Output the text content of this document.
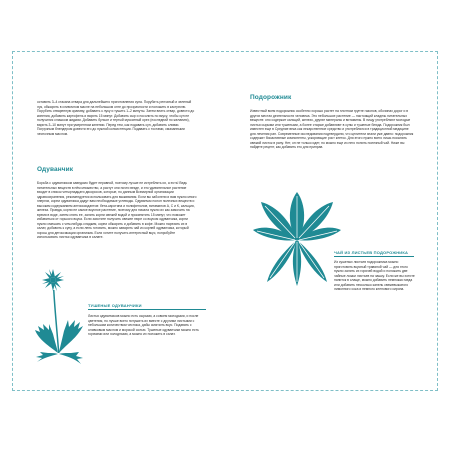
оставить 3–4 стакана отвара для дальнейшего приготовления супа. Порубить репчатый и зеленый лук, обжарить в сливочном масле на небольшом огне до прозрачности и положить в кастрюлю. Порубить отваренную крапиву, добавить к луку и тушить 1–2 минуты. Затем влить отвар, довести до кипения, добавить картофель и варить 15 минут. Добавить сыр и посолить по вкусу, чтобы суп не получился слишком жидким. Добавить бульон и тертый мускатный орех (последний по желанию), варить 3–10 минут при умеренном кипении. Перед тем, как подавать суп, добавить сливки. Погрузным блендером довести его до нужной консистенции. Подавать с тостами, смазанными чесночным маслом.

Одуванчик

Борьба с одуванчиком заведомо будет неравной, поэтому лучше не истреблять их, а есть! Ведь питательных веществ в нём множество, а растут они почти везде, и это удивительное растение входит в список четырнадцати дикоросов, которые, по данным Всемирной организации здравоохранения, рекомендуется использовать для выживания. Если вы заболели и вам нужно много энергии, корни одуванчика дадут вам необходимые углеводы. Одуванчик полон полезных веществ и высоким содержанием антиоксидантов: бета-каротина и полифенолов, витаминов A, C и K, кальция, железа. Правда, корни не самое вкусное растение, поэтому для начала нужно их как замочить на время в воде, затем снять ее, залить корни свежей водой и прокипятить 15 минут, что поможет избавиться от горького вкуса. Если захотите получить свежее пюре со вкусом одуванчика, корни нужно смешать с чем-нибудь сладким, корни обжарить и добавить в кофе. Можно нарезать их в салат, добавить к супу, а если лень готовить, можно заварить чай из корней одуванчика, который хорош для детоксикации организма. Если хотите получить интересный вкус, попробуйте использовать листья одуванчика в салате.

ТУШЕНЫЕ ОДУВАНЧИКИ

Листья одуванчиков можно есть сырыми, а совсем молодыми, и после цветения, но лучше всего потушить их вместе с другими листьями с небольшим количеством чеснока, дабы смягчить вкус. Подавать с оливковым маслом и морской солью. Тушеные одуванчики можно есть горячими или холодными, а можно их положить в салат.

Подорожник

Известный всем подорожник особенно хорошо растет на плотном грунте газонов, обочинах дорог и в других местах деятельности человека. Это небольшое растение — настоящий кладезь питательных веществ: оно содержит кальций, железо, другие минералы и витамины. В пищу употребляют молодые листья сырыми или тушеными, а более старые добавляют в супы и тушеные блюда. Подорожник был известен еще в Средние века как лекарственное средство и употреблялся в традиционной медицине для лечения ран. Современные исследования подтвердили, что целители знали уже давно: подорожник содержит биоактивные компоненты, ускоряющие рост клеток. Для этого нужно всего лишь посыпать свежий листок в рану. Нет, он не только идет, но можно еще из него попить полезный чай. Ниже вы найдете рецепт, как добавить его для приправ.

ЧАЙ ИЗ ЛИСТЬЕВ ПОДОРОЖНИКА

Из сушеных листьев подорожника можно приготовить вкусный травяной чай — для этого нужно залить их горячей водой и положить две чайные ложки листьев на чашку. Если же вы хотите напиток в слаще, можно добавить немножко меда или добавить несколько капель свежевыжатого лимонного сока и немного кленового сиропа.
